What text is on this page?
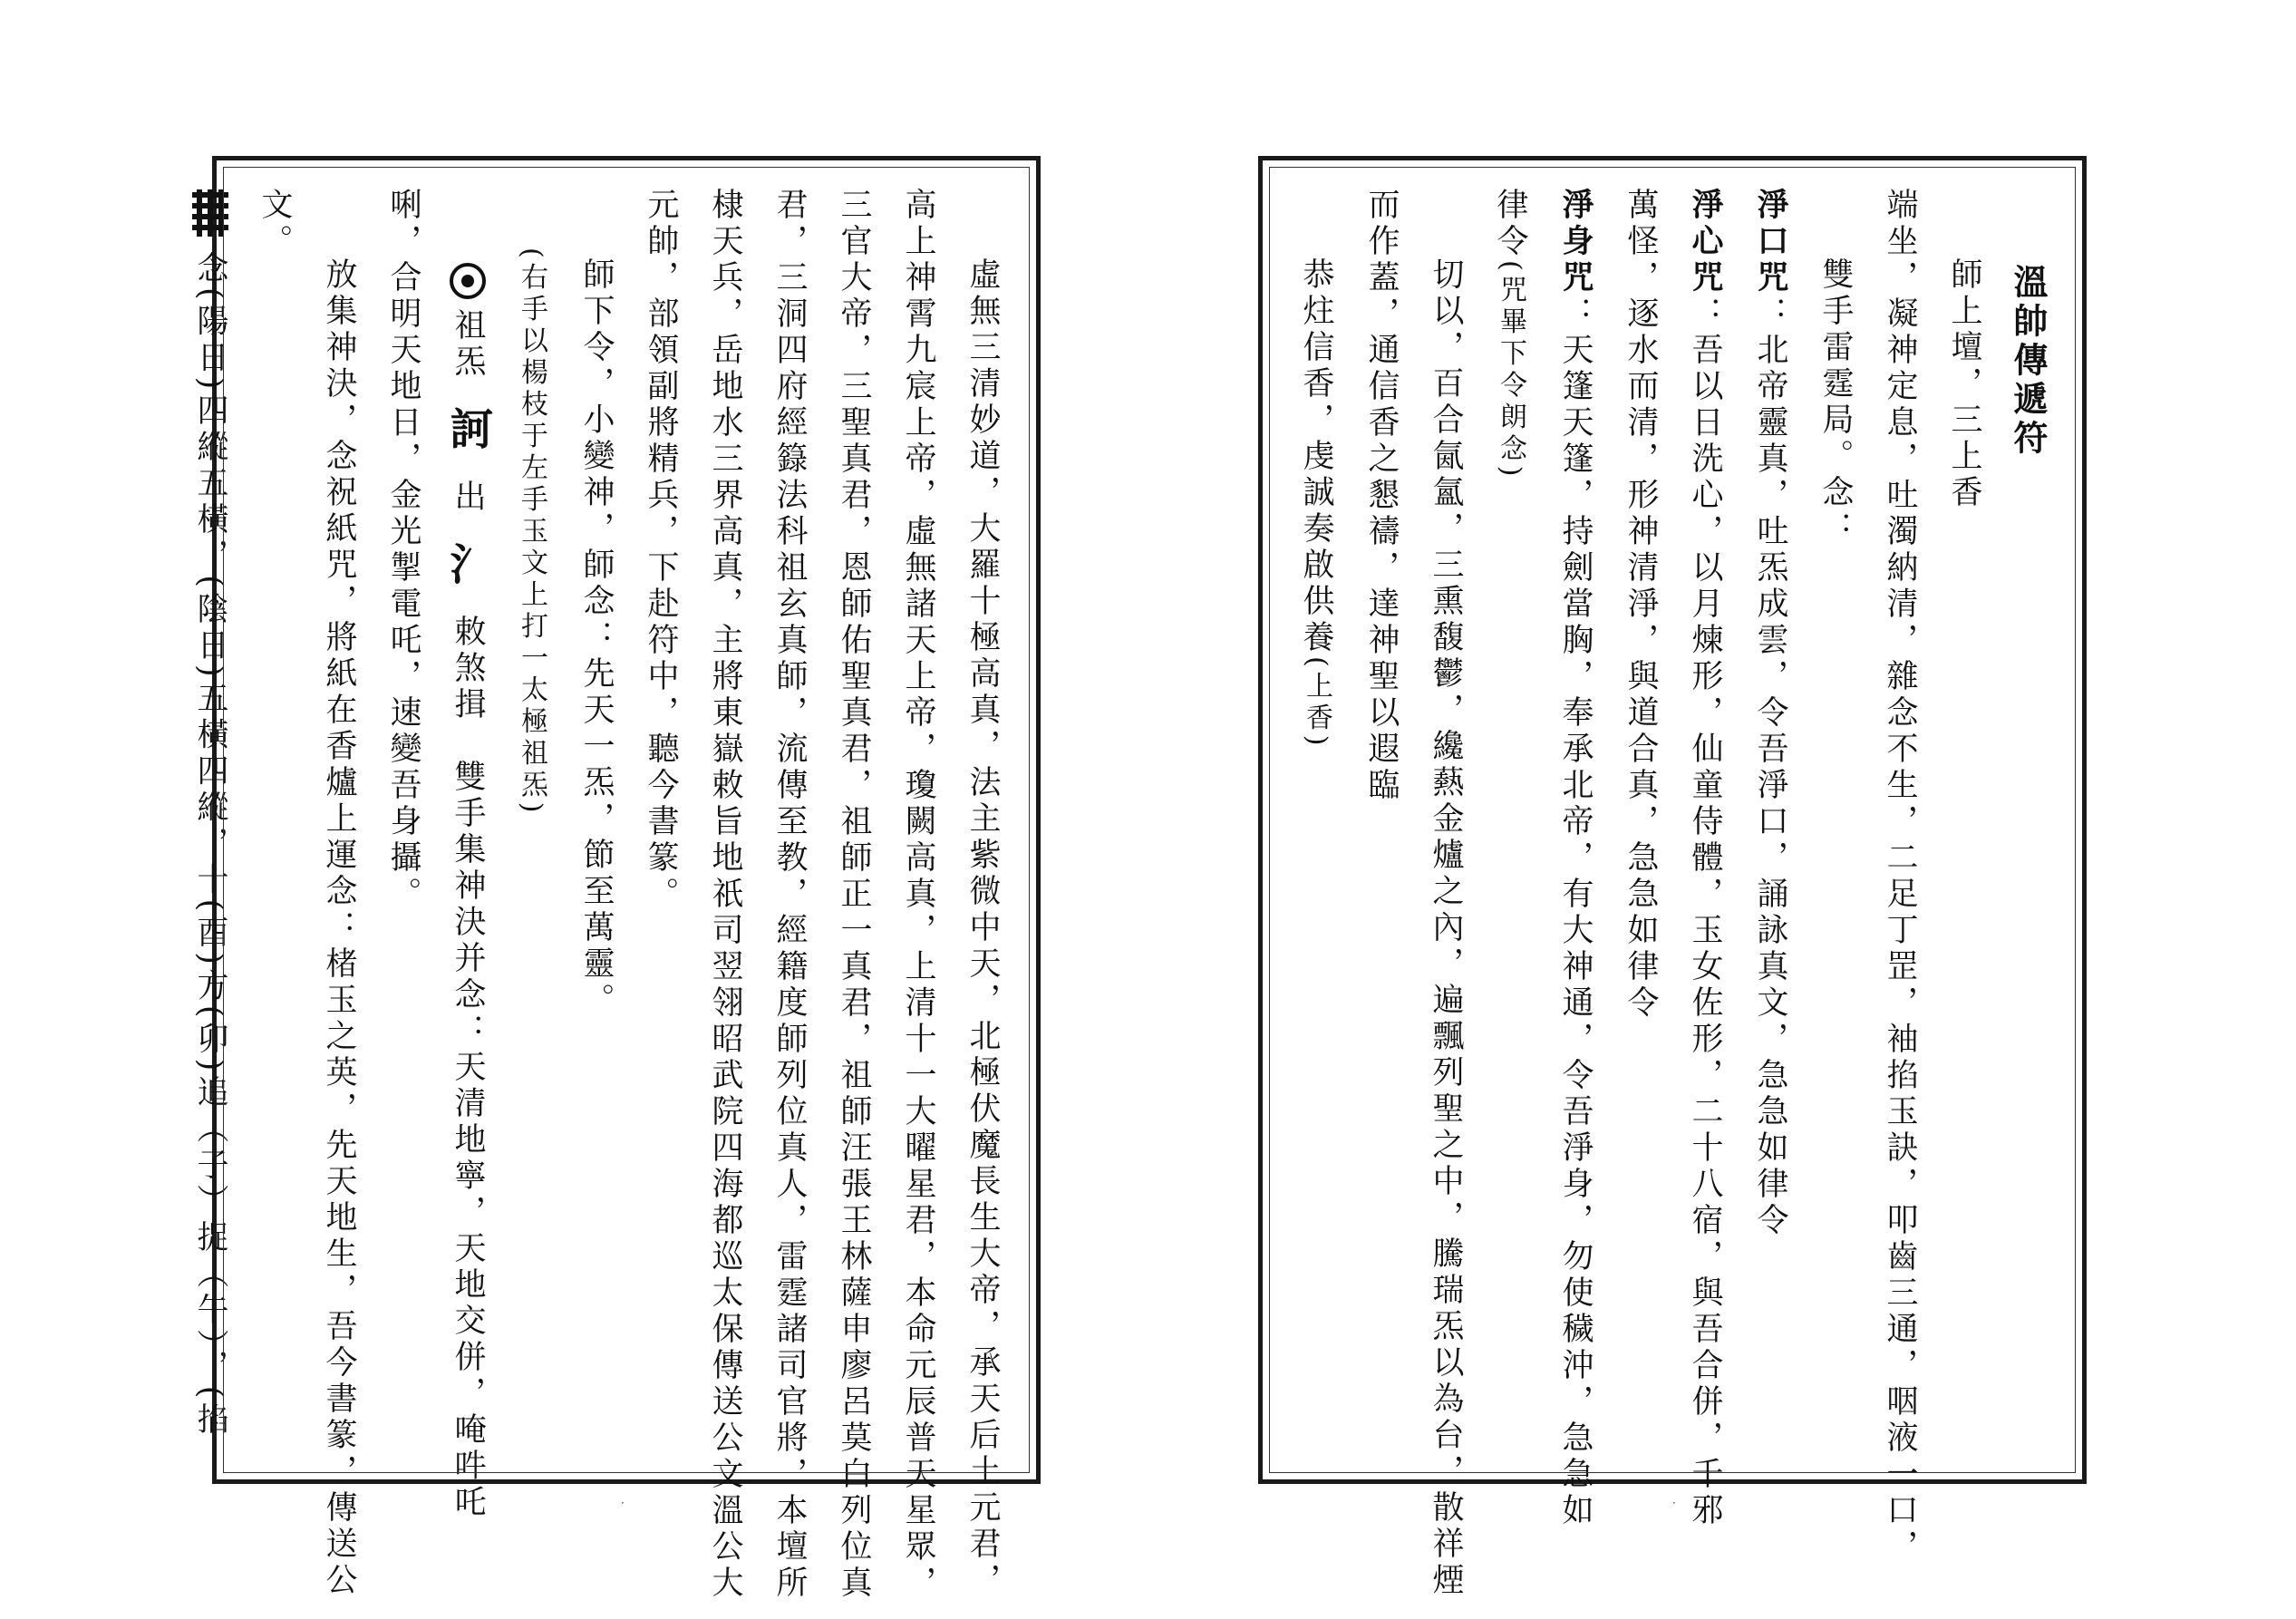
虛無三清妙道，大羅十極高真，法主紫微中天，北極伏魔長生大帝，承天后土元君，

高上神霄九宸上帝，虛無諸天上帝，瓊闕高真，上清十一大曜星君，本命元辰普天星眾，

三官大帝，三聖真君，恩師佑聖真君，祖師正一真君，祖師汪張王林薩申廖呂莫白列位真

君，三洞四府經籙法科祖玄真師，流傳至教，經籍度師列位真人，雷霆諸司官將，本壇所

棣天兵，岳地水三界高真，主將東嶽敕旨地祇司翌翎昭武院四海都巡太保傳送公文溫公大

元帥，部領副將精兵，下赴符中，聽今書篆。

師下令，小變神，師念：先天一炁，節至萬靈。

(右手以楊枝于左手玉文上打一太極祖炁)

祖炁訶出氵敕煞揖　雙手集神決并念：天清地寧，天地交併，唵吽吒

唎，合明天地日，金光掣電吒，速變吾身攝。

放集神決，念祝紙咒，將紙在香爐上運念：楮玉之英，先天地生，吾今書篆，傳送公

文。

念(陽日)四縱五橫，(陰日)五橫四縱，十(酉)方(卯)追（子）捉（午），(掐

．

溫帥傳遞符

師上壇，三上香

端坐，凝神定息，吐濁納清，雜念不生，二足丁罡，袖掐玉訣，叩齒三通，咽液一口，

雙手雷霆局。念：

淨口咒：北帝靈真，吐炁成雲，令吾淨口，誦詠真文，急急如律令

淨心咒：吾以日洗心，以月煉形，仙童侍體，玉女佐形，二十八宿，與吾合併，千邪

萬怪，逐水而清，形神清淨，與道合真，急急如律令

淨身咒：天篷天篷，持劍當胸，奉承北帝，有大神通，令吾淨身，勿使穢沖，急急如

律令(咒畢下令朗念)

切以，百合氤氳，三熏馥鬱，纔爇金爐之內，遍飄列聖之中，騰瑞炁以為台，散祥煙

而作蓋，通信香之懇禱，達神聖以遐臨

恭炷信香，虔誠奏啟供養(上香)

．
